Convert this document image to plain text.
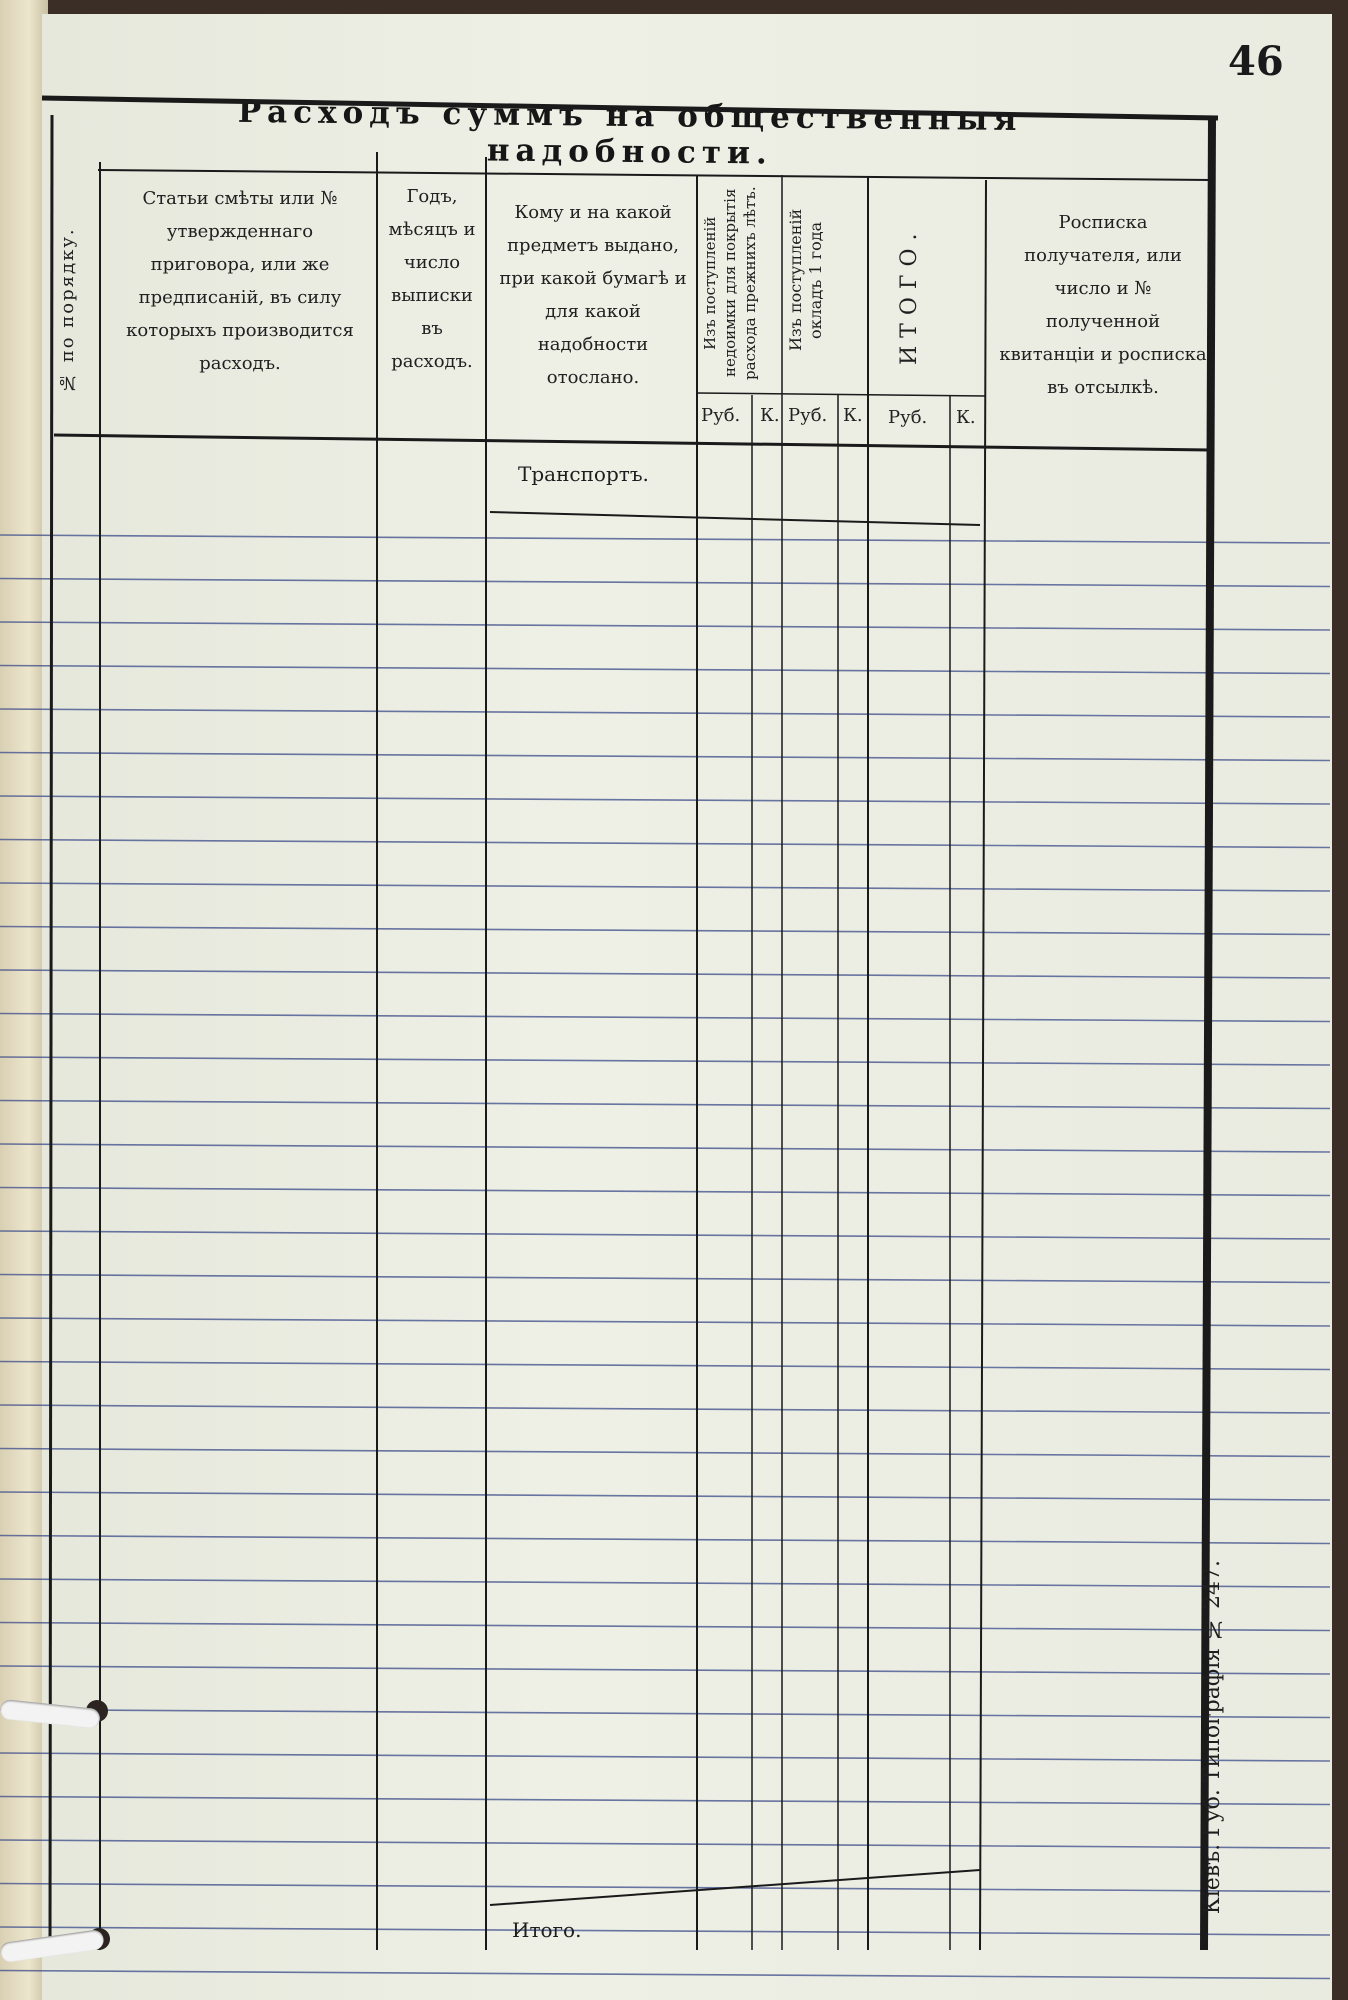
46
Расходъ суммъ на общественныя надобности.
№ по порядку.
Статьи смѣты или № утвержденнаго приговора, или же предписаній, въ силу которыхъ производится расходъ.
Годъ, мѣсяцъ и число выписки въ расходъ.
Кому и на какой предметъ выдано, при какой бумагѣ и для какой надобности отослано.
Изъ поступленій недоимки для покрытія расхода прежнихъ лѣтъ.	Изъ поступленій окладъ 1 года	ИТОГО.
Росписка получателя, или число и № полученной квитанціи и росписка въ отсылкѣ.
Руб. К. Руб. К. Руб. К.
Транспортъ.
Итого.
Кіевъ. Губ. Типографія № 247.
